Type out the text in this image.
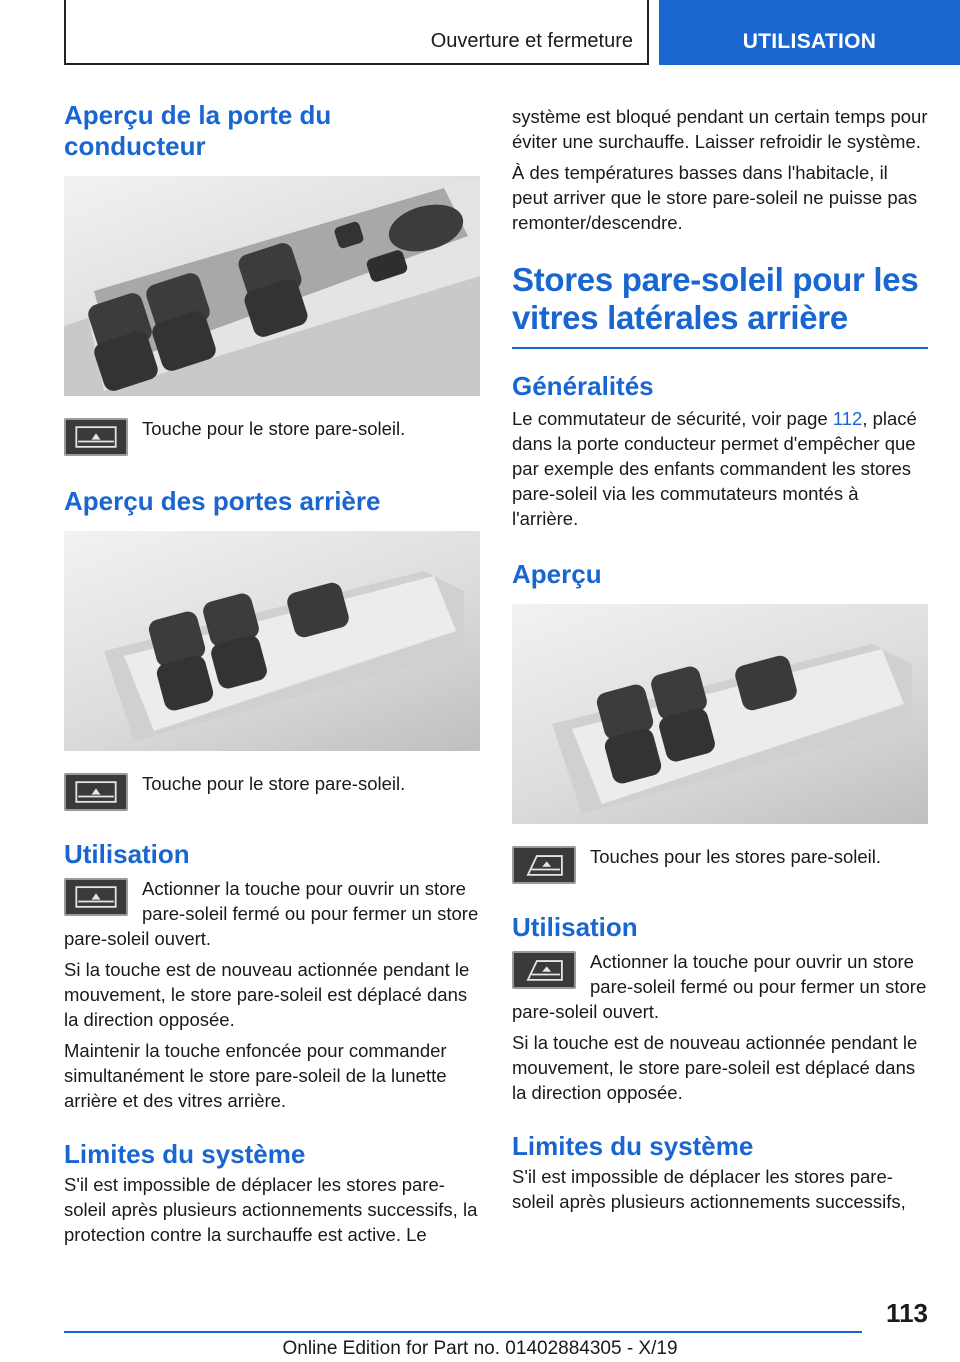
Ouverture et fermeture	UTILISATION
Aperçu de la porte du conducteur
Touche pour le store pare-soleil.
Aperçu des portes arrière
Touche pour le store pare-soleil.
Utilisation
Actionner la touche pour ouvrir un store pare-soleil fermé ou pour fermer un store pare-soleil ouvert.
Si la touche est de nouveau actionnée pendant le mouvement, le store pare-soleil est déplacé dans la direction opposée.
Maintenir la touche enfoncée pour commander simultanément le store pare-soleil de la lunette arrière et des vitres arrière.
Limites du système
S'il est impossible de déplacer les stores pare-soleil après plusieurs actionnements successifs, la protection contre la surchauffe est active. Le
système est bloqué pendant un certain temps pour éviter une surchauffe. Laisser refroidir le système.
À des températures basses dans l'habitacle, il peut arriver que le store pare-soleil ne puisse pas remonter/descendre.
Stores pare-soleil pour les vitres latérales arrière
Généralités
Le commutateur de sécurité, voir page 112, placé dans la porte conducteur permet d'empêcher que par exemple des enfants commandent les stores pare-soleil via les commutateurs montés à l'arrière.
Aperçu
Touches pour les stores pare-soleil.
Utilisation
Actionner la touche pour ouvrir un store pare-soleil fermé ou pour fermer un store pare-soleil ouvert.
Si la touche est de nouveau actionnée pendant le mouvement, le store pare-soleil est déplacé dans la direction opposée.
Limites du système
S'il est impossible de déplacer les stores pare-soleil après plusieurs actionnements successifs,
113
Online Edition for Part no. 01402884305 - X/19
